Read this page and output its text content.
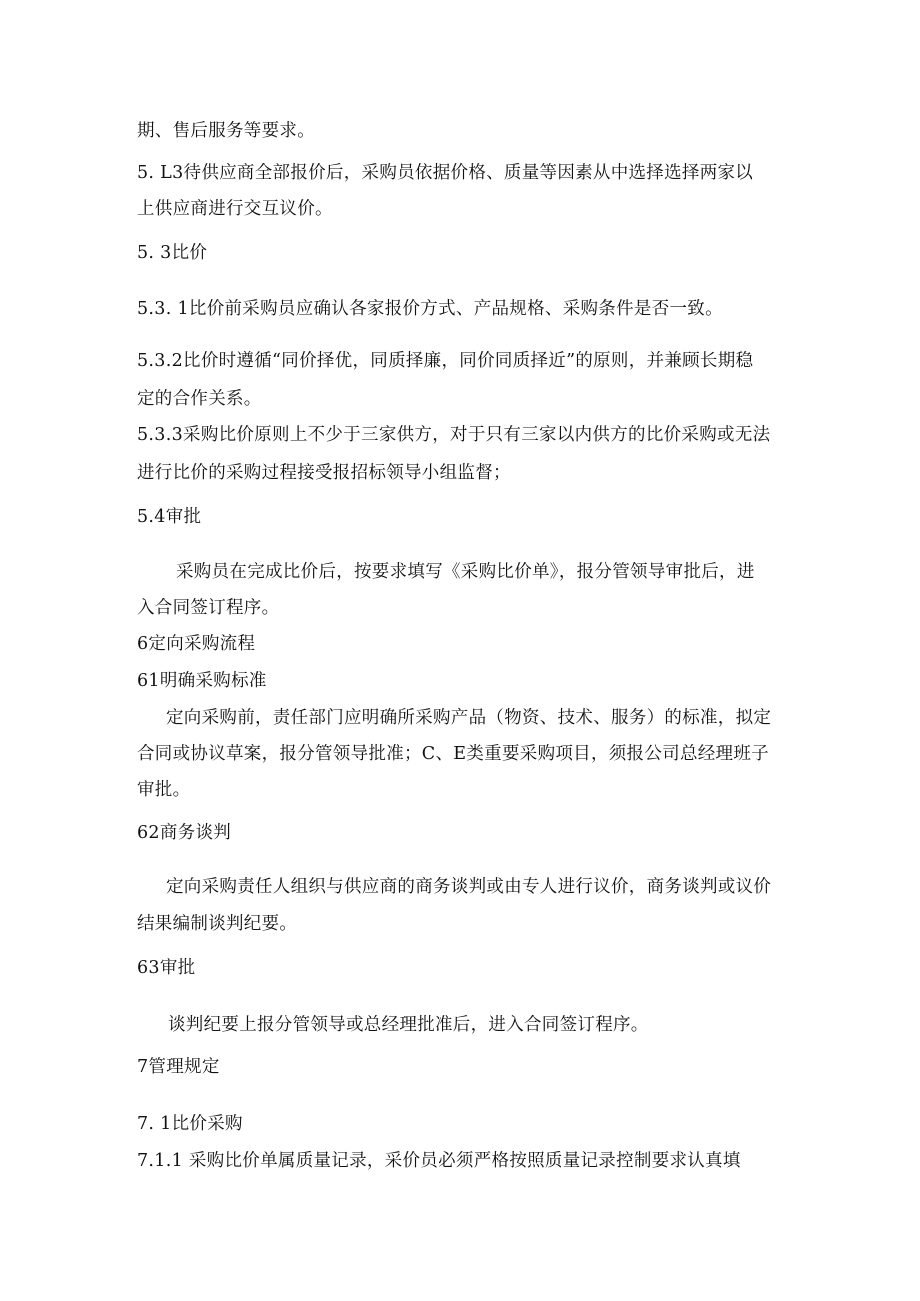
期、售后服务等要求。
5. L3待供应商全部报价后，采购员依据价格、质量等因素从中选择选择两家以
上供应商进行交互议价。
5. 3比价
5.3. 1比价前采购员应确认各家报价方式、产品规格、采购条件是否一致。
5.3.2比价时遵循“同价择优，同质择廉，同价同质择近”的原则，并兼顾长期稳
定的合作关系。
5.3.3采购比价原则上不少于三家供方，对于只有三家以内供方的比价采购或无法
进行比价的采购过程接受报招标领导小组监督；
5.4审批
采购员在完成比价后，按要求填写《采购比价单》，报分管领导审批后，进
入合同签订程序。
6定向采购流程
61明确采购标准
定向采购前，责任部门应明确所采购产品（物资、技术、服务）的标准，拟定
合同或协议草案，报分管领导批准；C、E类重要采购项目，须报公司总经理班子
审批。
62商务谈判
定向采购责任人组织与供应商的商务谈判或由专人进行议价，商务谈判或议价
结果编制谈判纪要。
63审批
谈判纪要上报分管领导或总经理批准后，进入合同签订程序。
7管理规定
7. 1比价采购
7.1.1 采购比价单属质量记录，采价员必须严格按照质量记录控制要求认真填
